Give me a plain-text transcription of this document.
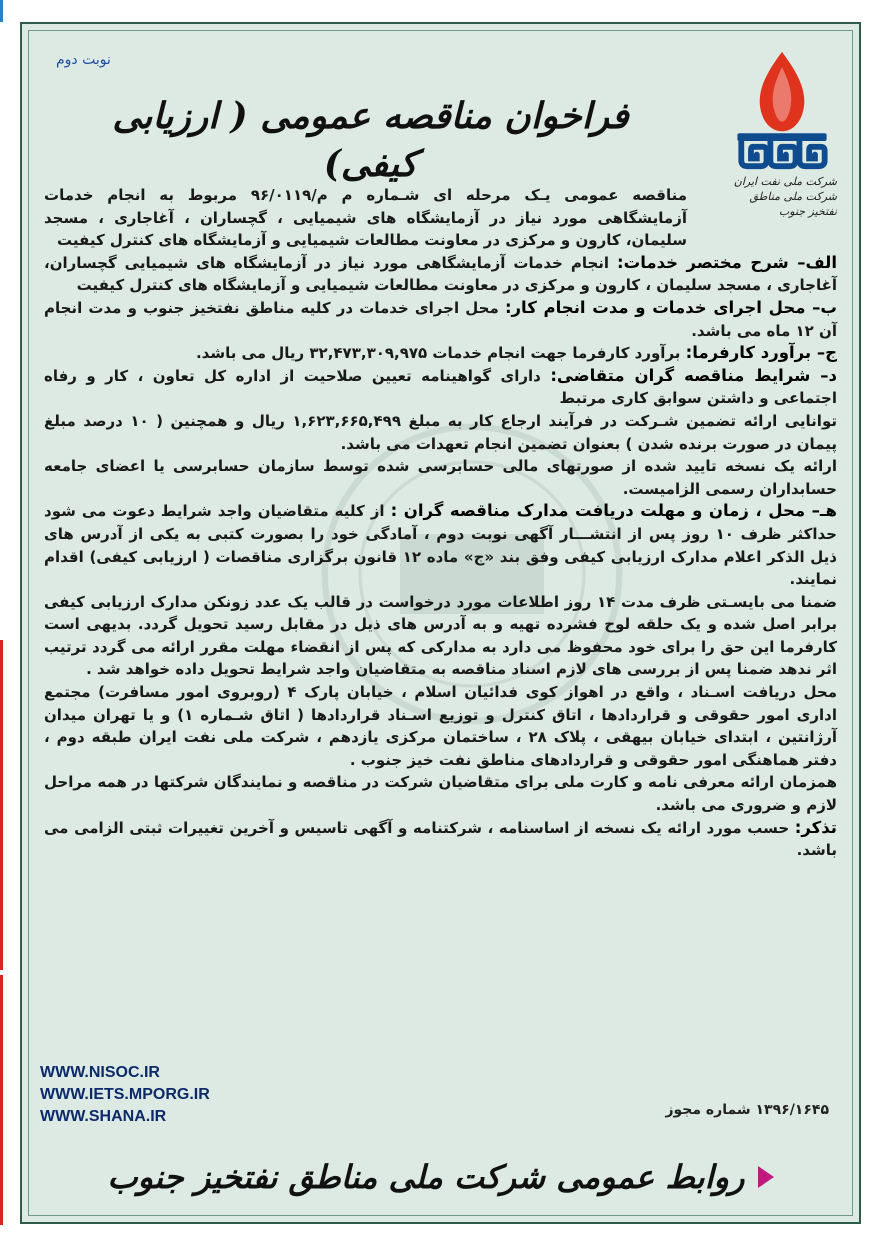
نوبت دوم
شرکت ملی نفت ایران
شرکت ملی مناطق نفتخیز جنوب
فراخوان مناقصه عمومی ( ارزیابی کیفی)

مناقصه عمومی یـک مرحله ای شـماره م م/۹۶/۰۱۱۹ مربوط به انجام خدمات آزمایشگاهی مورد نیاز در آزمایشگاه های شیمیایی ، گچساران ، آغاجاری ، مسجد سلیمان، کارون و مرکزی در معاونت مطالعات شیمیایی و آزمایشگاه های کنترل کیفیت

الف– شرح مختصر خدمات: انجام خدمات آزمایشگاهی مورد نیاز در آزمایشگاه های شیمیایی گچساران، آغاجاری ، مسجد سلیمان ، کارون و مرکزی در معاونت مطالعات شیمیایی و آزمایشگاه های کنترل کیفیت

ب– محل اجرای خدمات و مدت انجام کار: محل اجرای خدمات در کلیه مناطق نفتخیز جنوب و مدت انجام آن ۱۲ ماه می باشد.

ج– برآورد کارفرما: برآورد کارفرما جهت انجام خدمات ۳۲,۴۷۳,۳۰۹,۹۷۵ ریال می باشد.

د– شرایط مناقصه گران متقاضی: دارای گواهینامه تعیین صلاحیت از اداره کل تعاون ، کار و رفاه اجتماعی و داشتن سوابق کاری مرتبط

توانایی ارائه تضمین شـرکت در فرآیند ارجاع کار به مبلغ ۱,۶۲۳,۶۶۵,۴۹۹ ریال و همچنین ( ۱۰ درصد مبلغ پیمان در صورت برنده شدن ) بعنوان تضمین انجام تعهدات می باشد.

ارائه یک نسخه تایید شده از صورتهای مالی حسابرسی شده توسط سازمان حسابرسی یا اعضای جامعه حسابداران رسمی الزامیست.

هـ– محل ، زمان و مهلت دریافت مدارک مناقصه گران : از کلیه متقاضیان واجد شرایط دعوت می شود حداکثر ظرف ۱۰ روز پس از انتشـــار آگهی نوبت دوم ، آمادگی خود را بصورت کتبی به یکی از آدرس های ذیل الذکر اعلام مدارک ارزیابی کیفی وفق بند «ج» ماده ۱۲ قانون برگزاری مناقصات ( ارزیابی کیفی) اقدام نمایند.

ضمنا می بایسـتی ظرف مدت ۱۴ روز اطلاعات مورد درخواست در قالب یک عدد زونکن مدارک ارزیابی کیفی برابر اصل شده و یک حلقه لوح فشرده تهیه و به آدرس های ذیل در مقابل رسید تحویل گردد. بدیهی است کارفرما این حق را برای خود محفوظ می دارد به مدارکی که پس از انقضاء مهلت مقرر ارائه می گردد ترتیب اثر ندهد ضمنا پس از بررسی های لازم اسناد مناقصه به متقاضیان واجد شرایط تحویل داده خواهد شد .

محل دریافت اسـناد ، واقع در اهواز کوی فدائیان اسلام ، خیابان پارک ۴ (روبروی امور مسافرت) مجتمع اداری امور حقوقی و قراردادها ، اتاق کنترل و توزیع اسـناد قراردادها ( اتاق شـماره ۱) و یا تهران میدان آرژانتین ، ابتدای خیابان بیهقی ، پلاک ۲۸ ، ساختمان مرکزی یازدهم ، شرکت ملی نفت ایران طبقه دوم ، دفتر هماهنگی امور حقوقی و قراردادهای مناطق نفت خیز جنوب .

همزمان ارائه معرفی نامه و کارت ملی برای متقاضیان شرکت در مناقصه و نمایندگان شرکتها در همه مراحل لازم و ضروری می باشد.

تذکر: حسب مورد ارائه یک نسخه از اساسنامه ، شرکتنامه و آگهی تاسیس و آخرین تغییرات ثبتی الزامی می باشد.

WWW.NISOC.IR
WWW.IETS.MPORG.IR
WWW.SHANA.IR	۱۳۹۶/۱۶۴۵ شماره مجوز
روابط عمومی شرکت ملی مناطق نفتخیز جنوب
